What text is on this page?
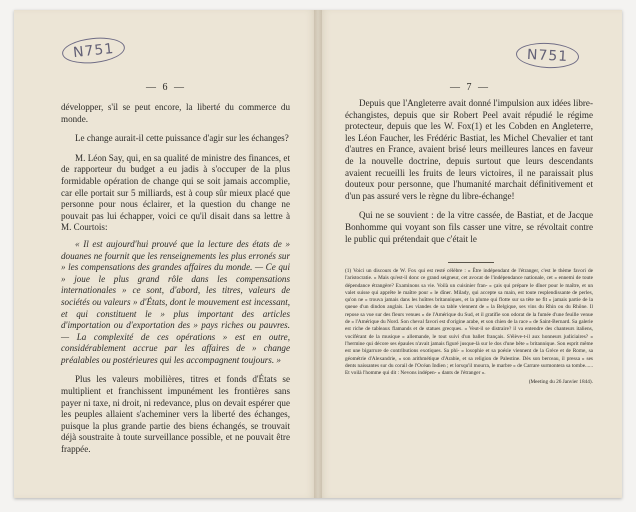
N751
— 6 —

développer, s'il se peut encore, la liberté du commerce du monde.

Le change aurait-il cette puissance d'agir sur les échanges?

M. Léon Say, qui, en sa qualité de ministre des finances, et de rapporteur du budget a eu jadis à s'occuper de la plus formidable opération de change qui se soit jamais accomplie, car elle portait sur 5 milliards, est à coup sûr mieux placé que personne pour nous éclairer, et la question du change ne pouvait pas lui échapper, voici ce qu'il disait dans sa lettre à M. Courtois:

« Il est aujourd'hui prouvé que la lecture des états de » douanes ne fournit que les renseignements les plus erronés sur » les compensations des grandes affaires du monde. — Ce qui » joue le plus grand rôle dans les compensations internationales » ce sont, d'abord, les titres, valeurs de sociétés ou valeurs » d'États, dont le mouvement est incessant, et qui constituent le » plus important des articles d'importation ou d'exportation des » pays riches ou pauvres. — La complexité de ces opérations » est en outre, considérablement accrue par les affaires de » change préalables ou postérieures qui les accompagnent toujours. »

Plus les valeurs mobilières, titres et fonds d'États se multiplient et franchissent impunément les frontières sans payer ni taxe, ni droit, ni redevance, plus on devait espérer que les peuples allaient s'acheminer vers la liberté des échanges, puisque la plus grande partie des biens échangés, se trouvait déjà soustraite à toute surveillance possible, et ne pouvait être frappée.

N751
— 7 —

Depuis que l'Angleterre avait donné l'impulsion aux idées libre-échangistes, depuis que sir Robert Peel avait répudié le régime protecteur, depuis que les W. Fox(1) et les Cobden en Angleterre, les Léon Faucher, les Frédéric Bastiat, les Michel Chevalier et tant d'autres en France, avaient brisé leurs meilleures lances en faveur de la nouvelle doctrine, depuis surtout que leurs descendants avaient recueilli les fruits de leurs victoires, il ne paraissait plus douteux pour personne, que l'humanité marchait définitivement et d'un pas assuré vers le règne du libre-échange!

Qui ne se souvient : de la vitre cassée, de Bastiat, et de Jacque Bonhomme qui voyant son fils casser une vitre, se révoltait contre le public qui prétendait que c'était le

(1) Voici un discours de W. Fox qui est resté célèbre : « Être indépendant de l'étranger, c'est le thème favori de l'aristocratie. » Mais qu'est-il donc ce grand seigneur, cet avocat de l'indépendance nationale, cet » ennemi de toute dépendance étrangère? Examinons sa vie. Voilà un cuisinier fran- » çais qui prépare le dîner pour le maître, et un valet suisse qui apprête le maître pour » le dîner. Milady, qui accepte sa main, est toute resplendissante de perles, qu'on ne » trouva jamais dans les huîtres britanniques, et la plume qui flotte sur sa tête ne fit » jamais partie de la queue d'un dindon anglais. Les viandes de sa table viennent de » la Belgique, ses vins du Rhin ou du Rhône. Il repose sa vue sur des fleurs venues » de l'Amérique du Sud, et il gratifie son odorat de la fumée d'une feuille venue de » l'Amérique du Nord. Son cheval favori est d'origine arabe, et son chien de la race » de Saint-Bernard. Sa galerie est riche de tableaux flamands et de statues grecques. » Veut-il se distraire? il va entendre des chanteurs italiens, vociférant de la musique » allemande, le tout suivi d'un ballet français. S'élève-t-il aux honneurs judiciaires? » l'hermine qui décore ses épaules n'avait jamais figuré jusque-là sur le dos d'une bête » britannique. Son esprit même est une bigarrure de contributions exotiques. Sa phi- » losophie et sa poésie viennent de la Grèce et de Rome, sa géométrie d'Alexandrie, » son arithmétique d'Arabie, et sa religion de Palestine. Dès son berceau, il pressa » ses dents naissantes sur du corail de l'Océan Indien ; et lorsqu'il mourra, le marbre » de Carrare surmontera sa tombe...... Et voilà l'homme qui dit : Nevons indépen- » dants de l'étranger ».
(Meeting du 26 Janvier 1844).
